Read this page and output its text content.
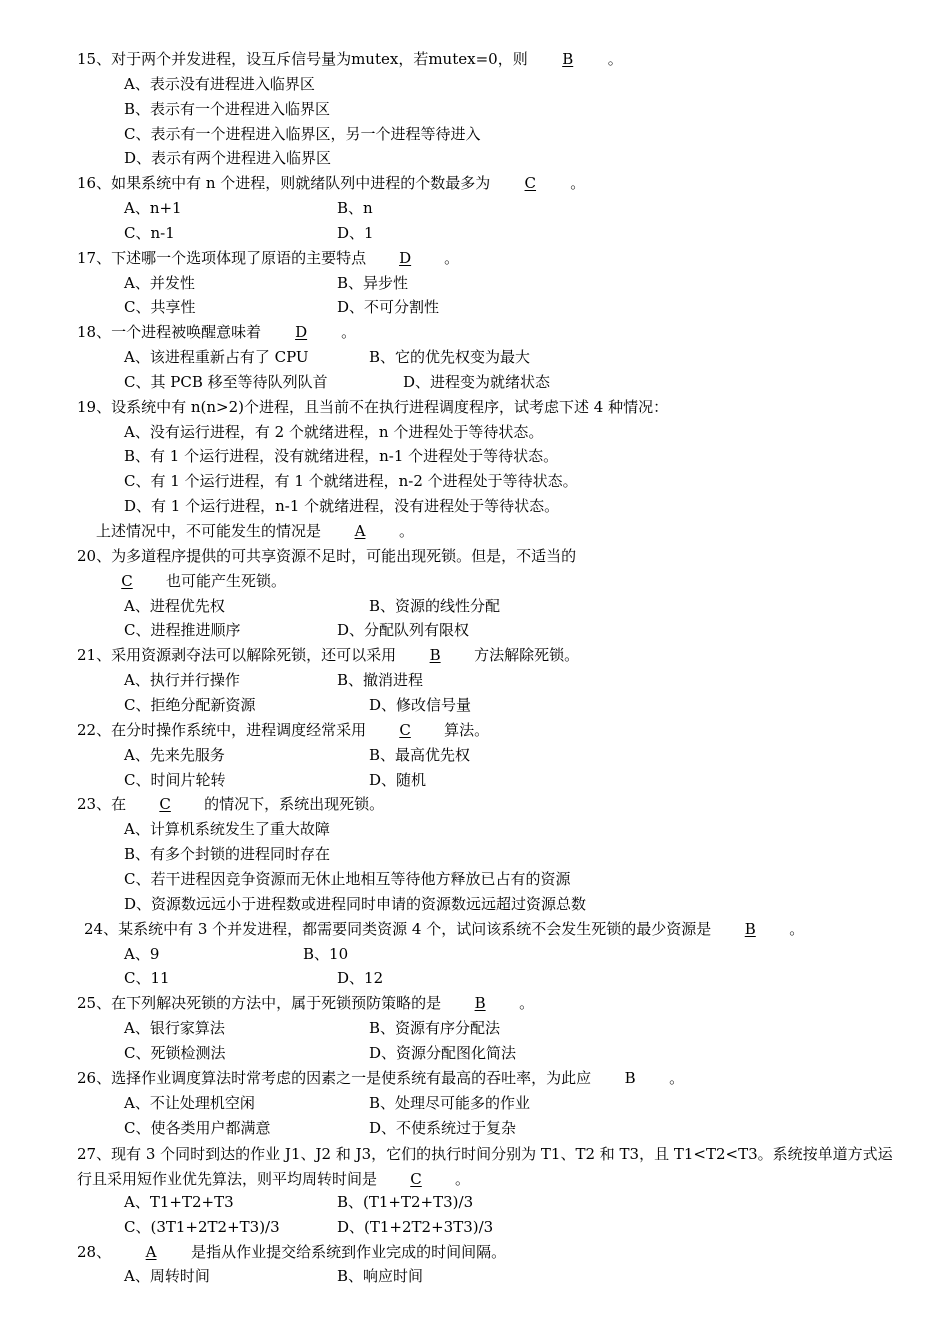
15、对于两个并发进程，设互斥信号量为mutex，若mutex=0，则 B 。
A、表示没有进程进入临界区
B、表示有一个进程进入临界区
C、表示有一个进程进入临界区，另一个进程等待进入
D、表示有两个进程进入临界区
16、如果系统中有 n 个进程，则就绪队列中进程的个数最多为 C 。
A、n+1	B、n
C、n-1	D、1
17、下述哪一个选项体现了原语的主要特点 D 。
A、并发性	B、异步性
C、共享性	D、不可分割性
18、一个进程被唤醒意味着 D 。
A、该进程重新占有了 CPU	B、它的优先权变为最大
C、其 PCB 移至等待队列队首	D、进程变为就绪状态
19、设系统中有 n(n>2)个进程，且当前不在执行进程调度程序，试考虑下述 4 种情况：
A、没有运行进程，有 2 个就绪进程，n 个进程处于等待状态。
B、有 1 个运行进程，没有就绪进程，n-1 个进程处于等待状态。
C、有 1 个运行进程，有 1 个就绪进程，n-2 个进程处于等待状态。
D、有 1 个运行进程，n-1 个就绪进程，没有进程处于等待状态。
上述情况中，不可能发生的情况是 A 。
20、为多道程序提供的可共享资源不足时，可能出现死锁。但是，不适当的
C 也可能产生死锁。
A、进程优先权	B、资源的线性分配
C、进程推进顺序	D、分配队列有限权
21、采用资源剥夺法可以解除死锁，还可以采用 B 方法解除死锁。
A、执行并行操作	B、撤消进程
C、拒绝分配新资源	D、修改信号量
22、在分时操作系统中，进程调度经常采用 C 算法。
A、先来先服务	B、最高优先权
C、时间片轮转	D、随机
23、在 C 的情况下，系统出现死锁。
A、计算机系统发生了重大故障
B、有多个封锁的进程同时存在
C、若干进程因竞争资源而无休止地相互等待他方释放已占有的资源
D、资源数远远小于进程数或进程同时申请的资源数远远超过资源总数
24、某系统中有 3 个并发进程，都需要同类资源 4 个，试问该系统不会发生死锁的最少资源是 B 。
A、9	B、10
C、11	D、12
25、在下列解决死锁的方法中，属于死锁预防策略的是 B 。
A、银行家算法	B、资源有序分配法
C、死锁检测法	D、资源分配图化简法
26、选择作业调度算法时常考虑的因素之一是使系统有最高的吞吐率，为此应 B 。
A、不让处理机空闲	B、处理尽可能多的作业
C、使各类用户都满意	D、不使系统过于复杂
27、现有 3 个同时到达的作业 J1、J2 和 J3，它们的执行时间分别为 T1、T2 和 T3，且 T1<T2<T3。系统按单道方式运行且采用短作业优先算法，则平均周转时间是 C 。
A、T1+T2+T3	B、(T1+T2+T3)/3
C、(3T1+2T2+T3)/3	D、(T1+2T2+3T3)/3
28、 A 是指从作业提交给系统到作业完成的时间间隔。
A、周转时间	B、响应时间
